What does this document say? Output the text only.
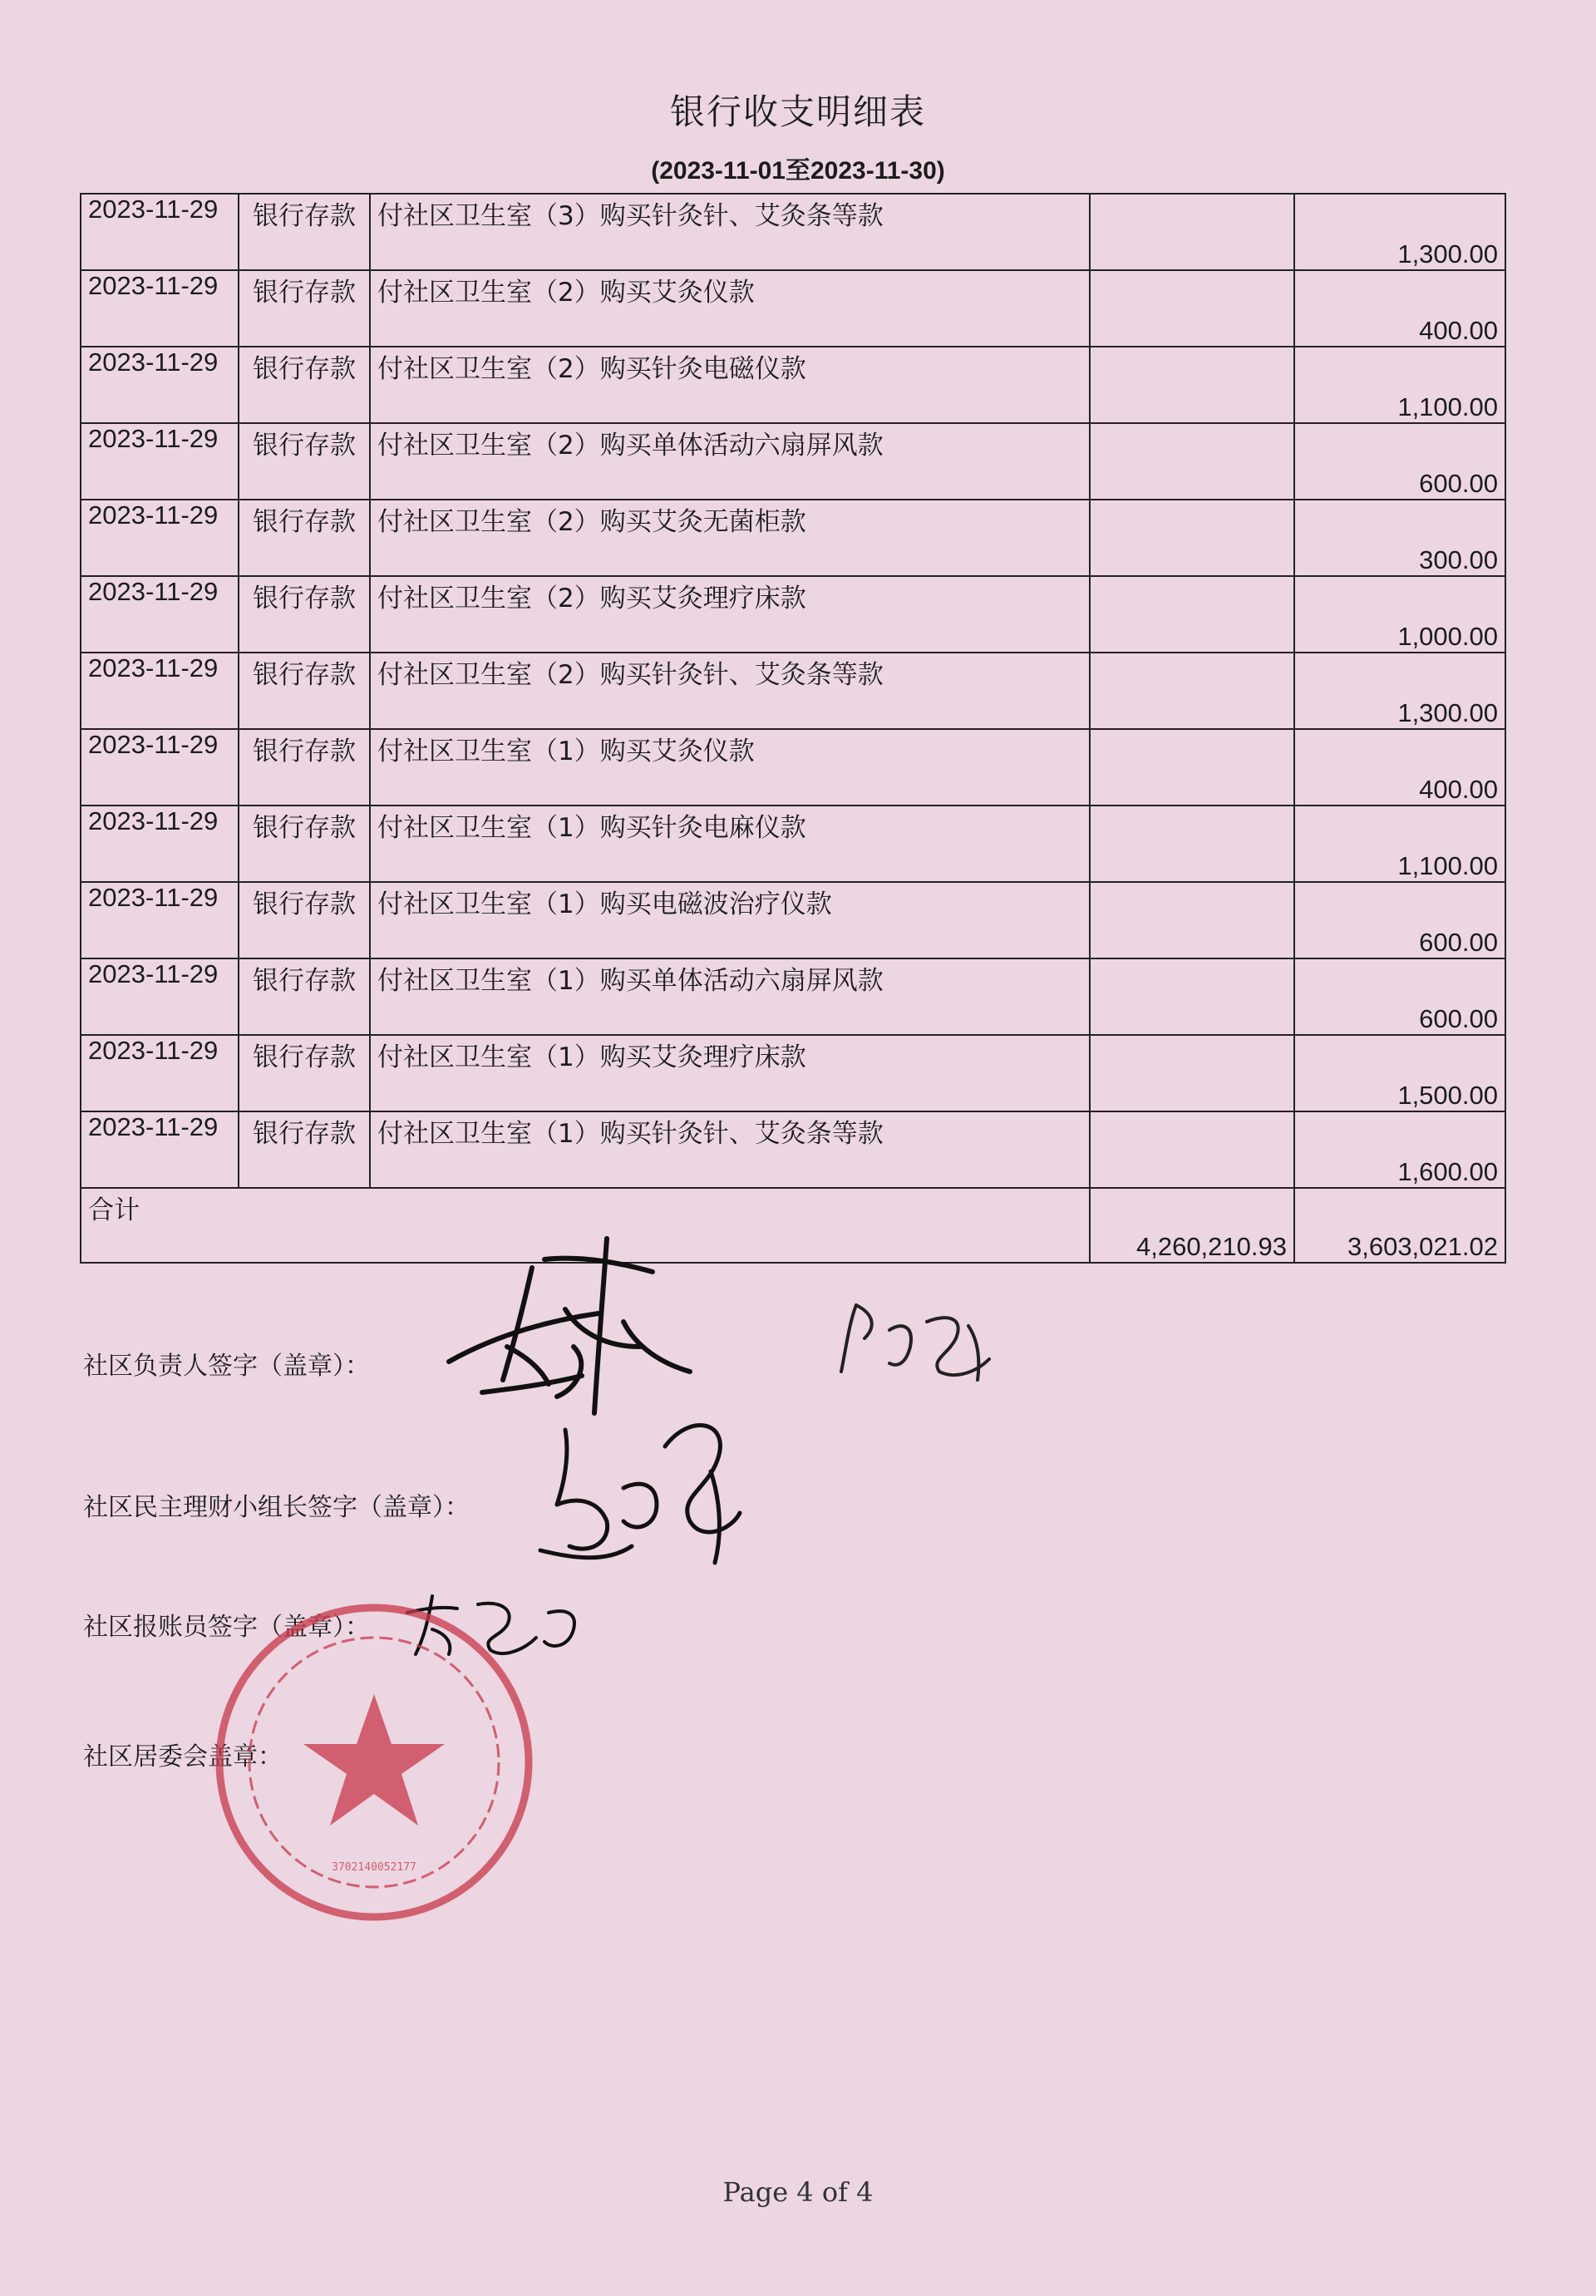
银行收支明细表
(2023-11-01至2023-11-30)
2023-11-29	银行存款	付社区卫生室（3）购买针灸针、艾灸条等款		1,300.00
2023-11-29	银行存款	付社区卫生室（2）购买艾灸仪款		400.00
2023-11-29	银行存款	付社区卫生室（2）购买针灸电磁仪款		1,100.00
2023-11-29	银行存款	付社区卫生室（2）购买单体活动六扇屏风款		600.00
2023-11-29	银行存款	付社区卫生室（2）购买艾灸无菌柜款		300.00
2023-11-29	银行存款	付社区卫生室（2）购买艾灸理疗床款		1,000.00
2023-11-29	银行存款	付社区卫生室（2）购买针灸针、艾灸条等款		1,300.00
2023-11-29	银行存款	付社区卫生室（1）购买艾灸仪款		400.00
2023-11-29	银行存款	付社区卫生室（1）购买针灸电麻仪款		1,100.00
2023-11-29	银行存款	付社区卫生室（1）购买电磁波治疗仪款		600.00
2023-11-29	银行存款	付社区卫生室（1）购买单体活动六扇屏风款		600.00
2023-11-29	银行存款	付社区卫生室（1）购买艾灸理疗床款		1,500.00
2023-11-29	银行存款	付社区卫生室（1）购买针灸针、艾灸条等款		1,600.00
合计			4,260,210.93	3,603,021.02
社区负责人签字（盖章）：
社区民主理财小组长签字（盖章）：
社区报账员签字（盖章）：
社区居委会盖章：
3702140052177
Page 4 of 4
